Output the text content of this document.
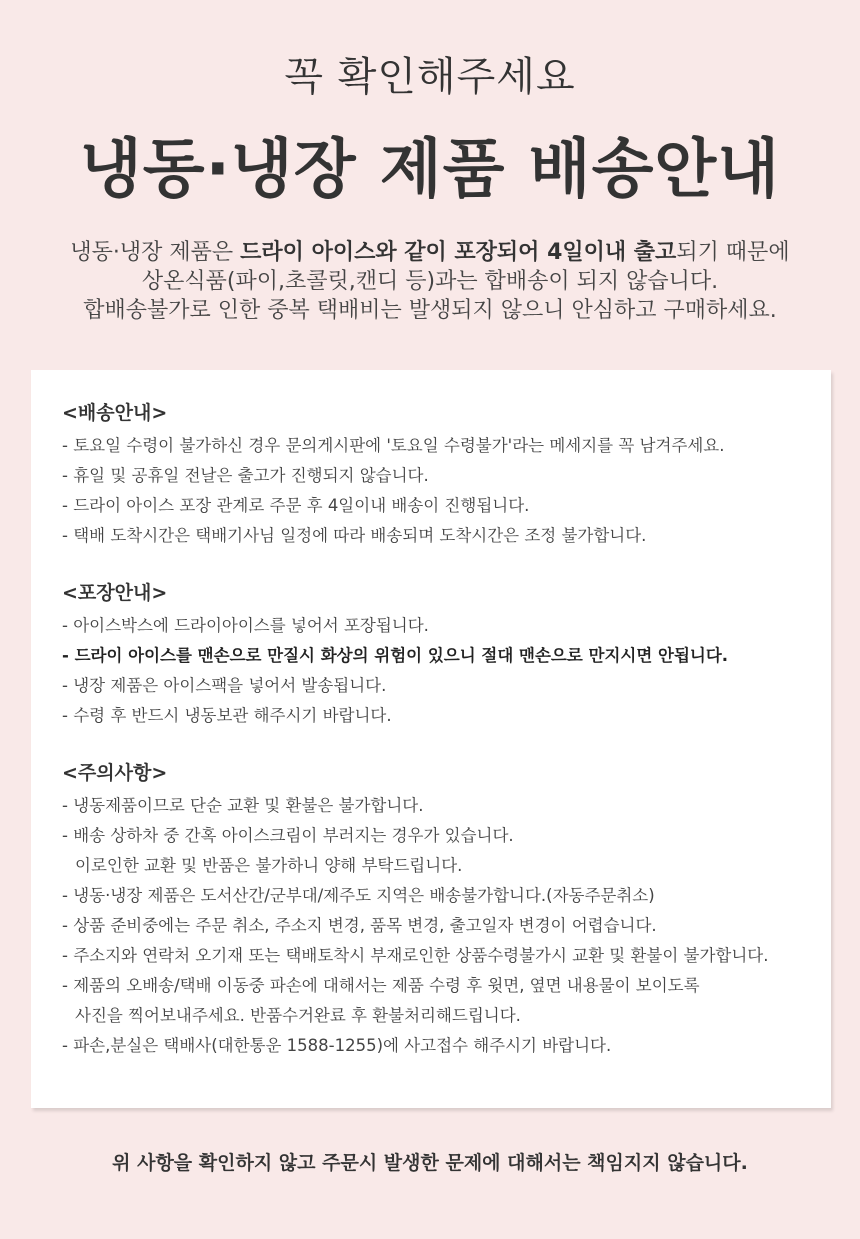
꼭 확인해주세요
냉동·냉장 제품 배송안내

냉동·냉장 제품은 드라이 아이스와 같이 포장되어 4일이내 출고되기 때문에

상온식품(파이,초콜릿,캔디 등)과는 합배송이 되지 않습니다.

합배송불가로 인한 중복 택배비는 발생되지 않으니 안심하고 구매하세요.

<배송안내>
- 토요일 수령이 불가하신 경우 문의게시판에 '토요일 수령불가'라는 메세지를 꼭 남겨주세요.
- 휴일 및 공휴일 전날은 출고가 진행되지 않습니다.
- 드라이 아이스 포장 관계로 주문 후 4일이내 배송이 진행됩니다.
- 택배 도착시간은 택배기사님 일정에 따라 배송되며 도착시간은 조정 불가합니다.
<포장안내>
- 아이스박스에 드라이아이스를 넣어서 포장됩니다.
- 드라이 아이스를 맨손으로 만질시 화상의 위험이 있으니 절대 맨손으로 만지시면 안됩니다.
- 냉장 제품은 아이스팩을 넣어서 발송됩니다.
- 수령 후 반드시 냉동보관 해주시기 바랍니다.
<주의사항>
- 냉동제품이므로 단순 교환 및 환불은 불가합니다.
- 배송 상하차 중 간혹 아이스크림이 부러지는 경우가 있습니다.
이로인한 교환 및 반품은 불가하니 양해 부탁드립니다.
- 냉동·냉장 제품은 도서산간/군부대/제주도 지역은 배송불가합니다.(자동주문취소)
- 상품 준비중에는 주문 취소, 주소지 변경, 품목 변경, 출고일자 변경이 어렵습니다.
- 주소지와 연락처 오기재 또는 택배토착시 부재로인한 상품수령불가시 교환 및 환불이 불가합니다.
- 제품의 오배송/택배 이동중 파손에 대해서는 제품 수령 후 윗면, 옆면 내용물이 보이도록
사진을 찍어보내주세요. 반품수거완료 후 환불처리해드립니다.
- 파손,분실은 택배사(대한통운 1588-1255)에 사고접수 해주시기 바랍니다.
위 사항을 확인하지 않고 주문시 발생한 문제에 대해서는 책임지지 않습니다.
